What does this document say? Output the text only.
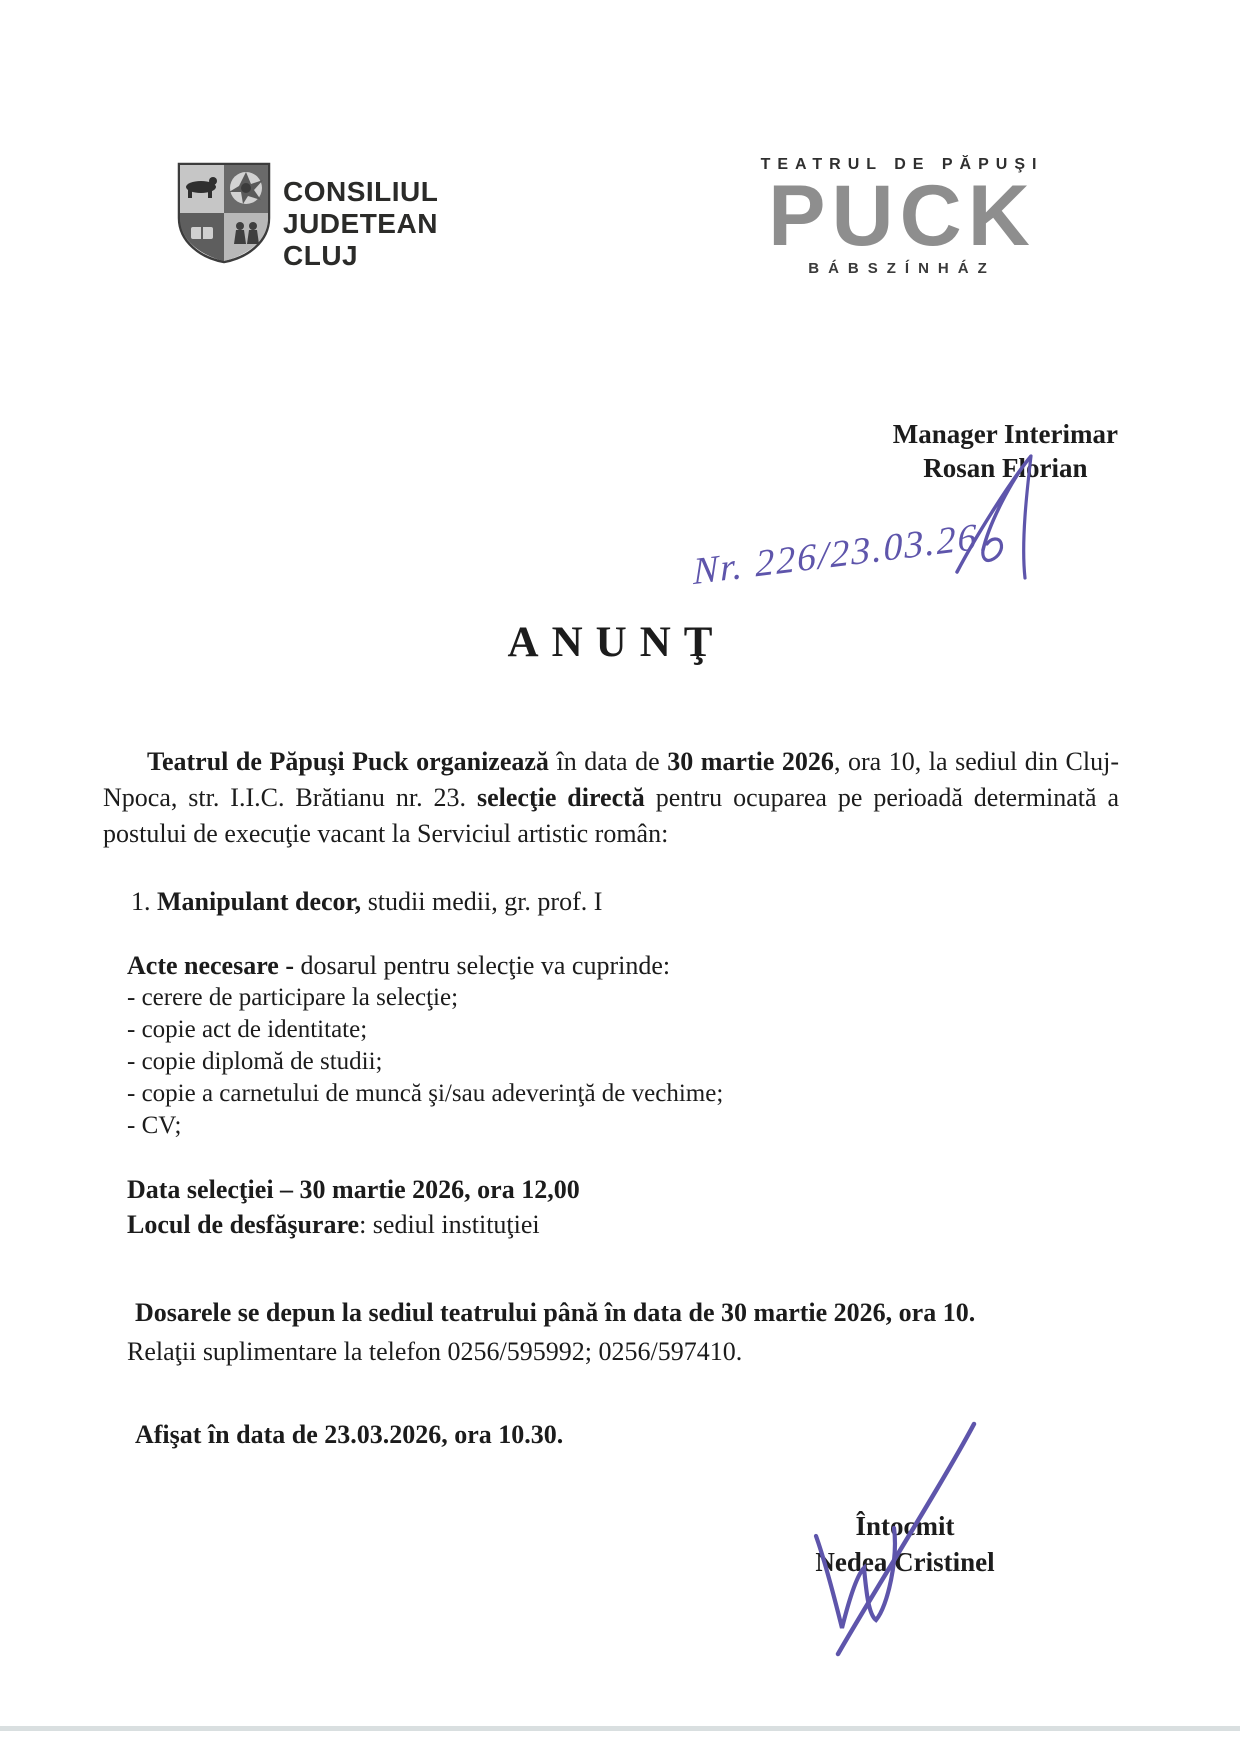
CONSILIUL
JUDETEAN
CLUJ
TEATRUL DE PĂPUŞI
PUCK
BÁBSZÍNHÁZ
Manager Interimar
Rosan Florian
ANUNŢ
Nr. 226/23.03.26

Teatrul de Păpuşi Puck organizează în data de 30 martie 2026, ora 10, la sediul din Cluj-Npoca, str. I.I.C. Brătianu nr. 23. selecţie directă pentru ocuparea pe perioadă determinată a postului de execuţie vacant la Serviciul artistic român:

1. Manipulant decor, studii medii, gr. prof. I
Acte necesare - dosarul pentru selecţie va cuprinde:
- cerere de participare la selecţie;
- copie act de identitate;
- copie diplomă de studii;
- copie a carnetului de muncă şi/sau adeverinţă de vechime;
- CV;
Data selecţiei – 30 martie 2026, ora 12,00
Locul de desfăşurare: sediul instituţiei

Dosarele se depun la sediul teatrului până în data de 30 martie 2026, ora 10.

Relaţii suplimentare la telefon 0256/595992; 0256/597410.
Afişat în data de 23.03.2026, ora 10.30.
Întocmit
Nedea Cristinel
